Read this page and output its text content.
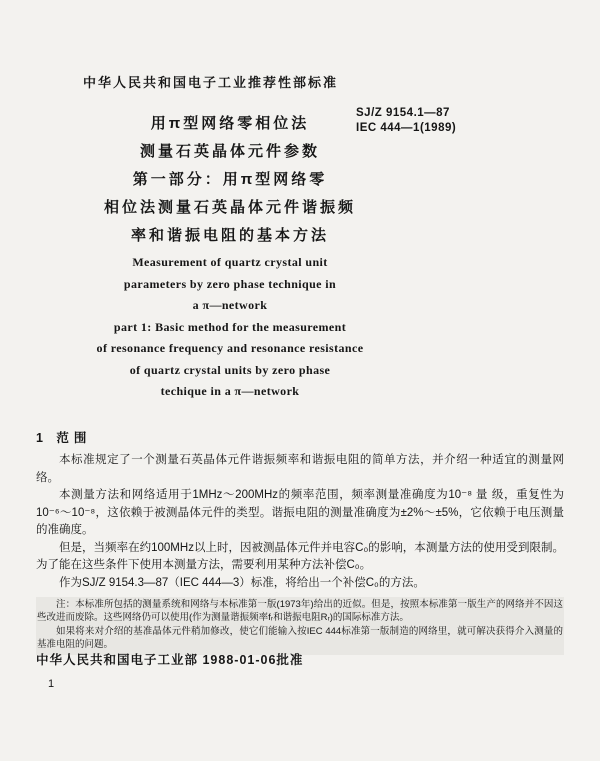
中华人民共和国电子工业推荐性部标准
SJ/Z 9154.1—87
IEC 444—1(1989)
用π型网络零相位法
测量石英晶体元件参数
第一部分：用π型网络零
相位法测量石英晶体元件谐振频
率和谐振电阻的基本方法
Measurement of quartz crystal unit
parameters by zero phase technique in
a π—network
part 1: Basic method for the measurement
of resonance frequency and resonance resistance
of quartz crystal units by zero phase
techique in a π—network
1 范围

本标准规定了一个测量石英晶体元件谐振频率和谐振电阻的简单方法，并介绍一种适宜的测量网络。

本测量方法和网络适用于1MHz～200MHz的频率范围，频率测量准确度为10⁻⁸ 量 级，重复性为10⁻⁶～10⁻⁸，这依赖于被测晶体元件的类型。谐振电阻的测量准确度为±2%～±5%，它依赖于电压测量的准确度。

但是，当频率在约100MHz以上时，因被测晶体元件并电容C₀的影响，本测量方法的使用受到限制。为了能在这些条件下使用本测量方法，需要利用某种方法补偿C₀。

作为SJ/Z 9154.3—87（IEC 444—3）标准，将给出一个补偿C₀的方法。

注：本标准所包括的测量系统和网络与本标准第一版(1973年)给出的近似。但是，按照本标准第一版生产的网络并不因这些改进而废除。这些网络仍可以使用(作为测量谐振频率fᵣ和谐振电阻Rᵣ)的国际标准方法。

如果将来对介绍的基准晶体元件稍加修改，使它们能输入按IEC 444标准第一版制造的网络里，就可解决获得介入测量的基准电阻的问题。

中华人民共和国电子工业部 1988-01-06批准
1
